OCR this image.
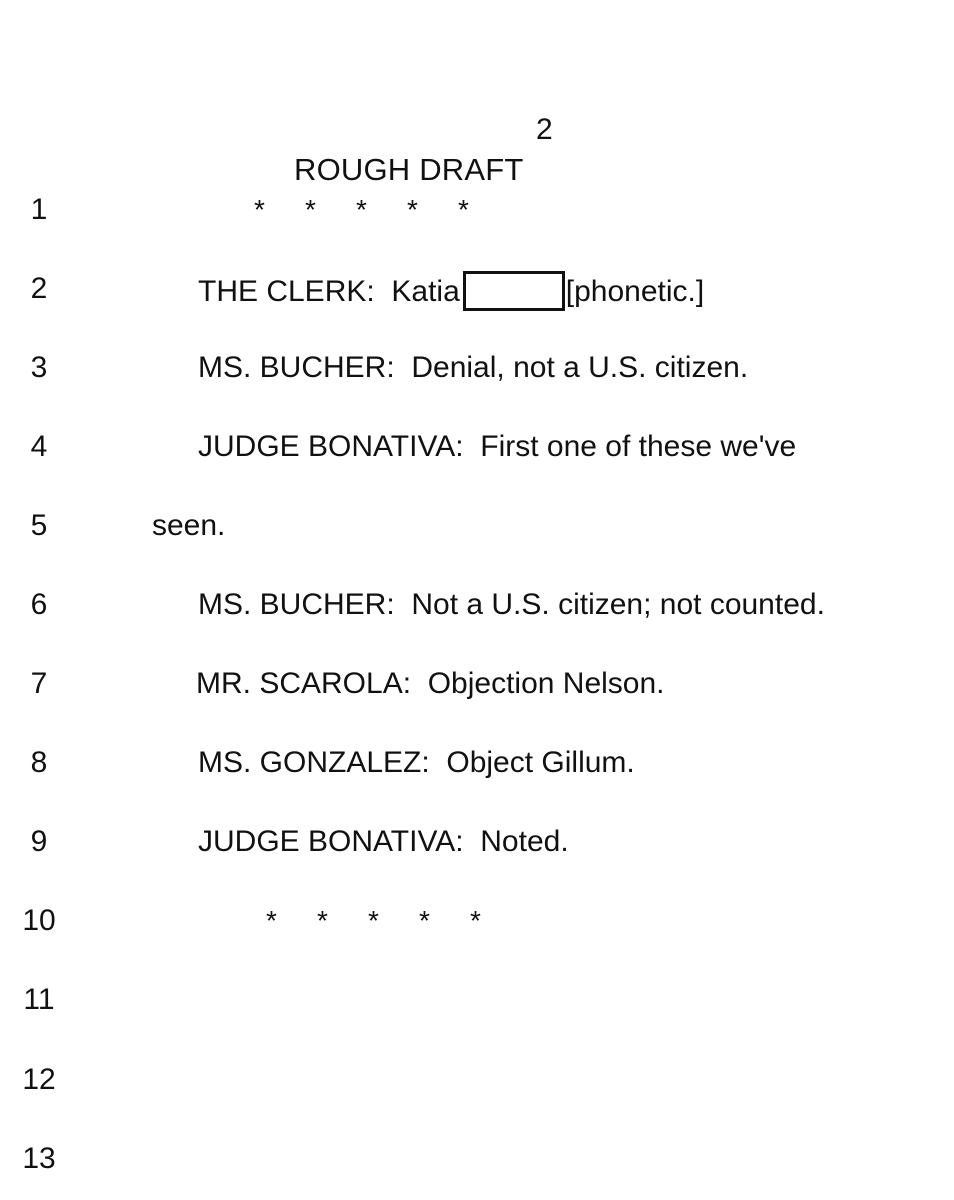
2
ROUGH DRAFT
1
2
3
4
5
6
7
8
9
10
11
12
13
*	*	*	*	*
THE CLERK:  Katia	[phonetic.]
MS. BUCHER:  Denial, not a U.S. citizen.
JUDGE BONATIVA:  First one of these we've
seen.
MS. BUCHER:  Not a U.S. citizen; not counted.
MR. SCAROLA:  Objection Nelson.
MS. GONZALEZ:  Object Gillum.
JUDGE BONATIVA:  Noted.
*	*	*	*	*
